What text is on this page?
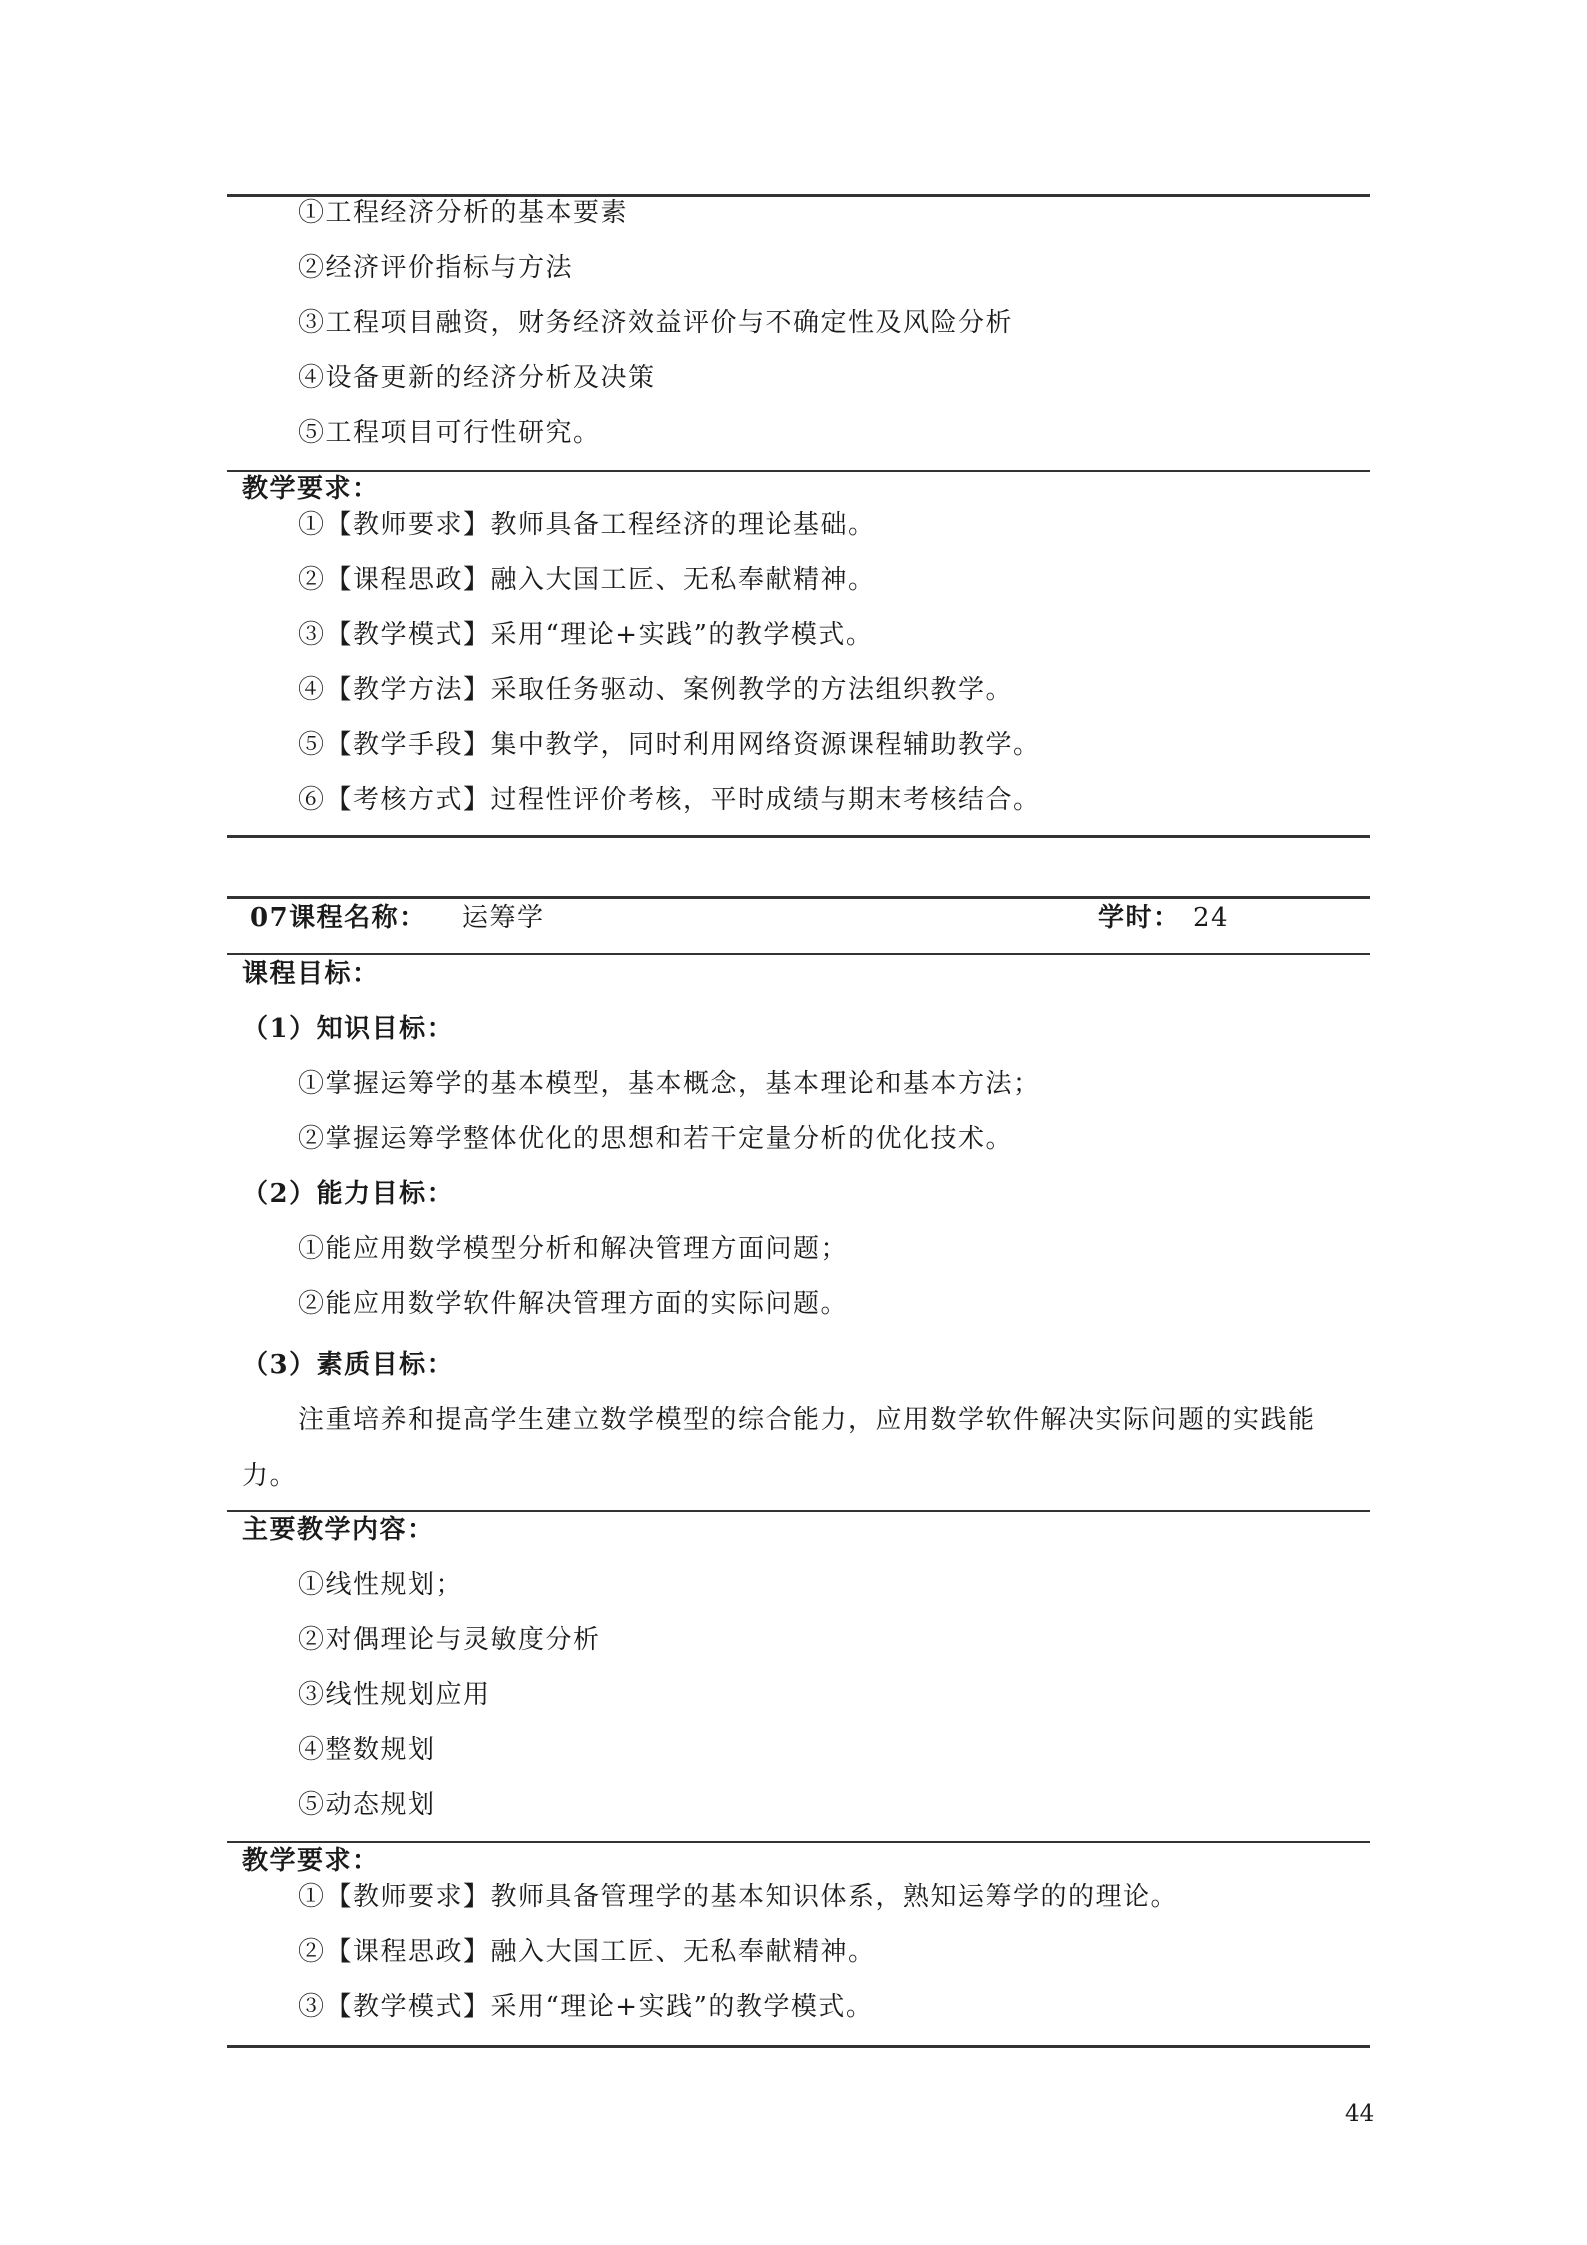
①工程经济分析的基本要素
②经济评价指标与方法
③工程项目融资，财务经济效益评价与不确定性及风险分析
④设备更新的经济分析及决策
⑤工程项目可行性研究。
教学要求：
①【教师要求】教师具备工程经济的理论基础。
②【课程思政】融入大国工匠、无私奉献精神。
③【教学模式】采用“理论+实践”的教学模式。
④【教学方法】采取任务驱动、案例教学的方法组织教学。
⑤【教学手段】集中教学，同时利用网络资源课程辅助教学。
⑥【考核方式】过程性评价考核，平时成绩与期末考核结合。
07课程名称： 运筹学	学时： 24
课程目标：
（1）知识目标：
①掌握运筹学的基本模型，基本概念，基本理论和基本方法；
②掌握运筹学整体优化的思想和若干定量分析的优化技术。
（2）能力目标：
①能应用数学模型分析和解决管理方面问题；
②能应用数学软件解决管理方面的实际问题。
（3）素质目标：
注重培养和提高学生建立数学模型的综合能力，应用数学软件解决实际问题的实践能
力。
主要教学内容：
①线性规划；
②对偶理论与灵敏度分析
③线性规划应用
④整数规划
⑤动态规划
教学要求：
①【教师要求】教师具备管理学的基本知识体系，熟知运筹学的的理论。
②【课程思政】融入大国工匠、无私奉献精神。
③【教学模式】采用“理论+实践”的教学模式。
44
